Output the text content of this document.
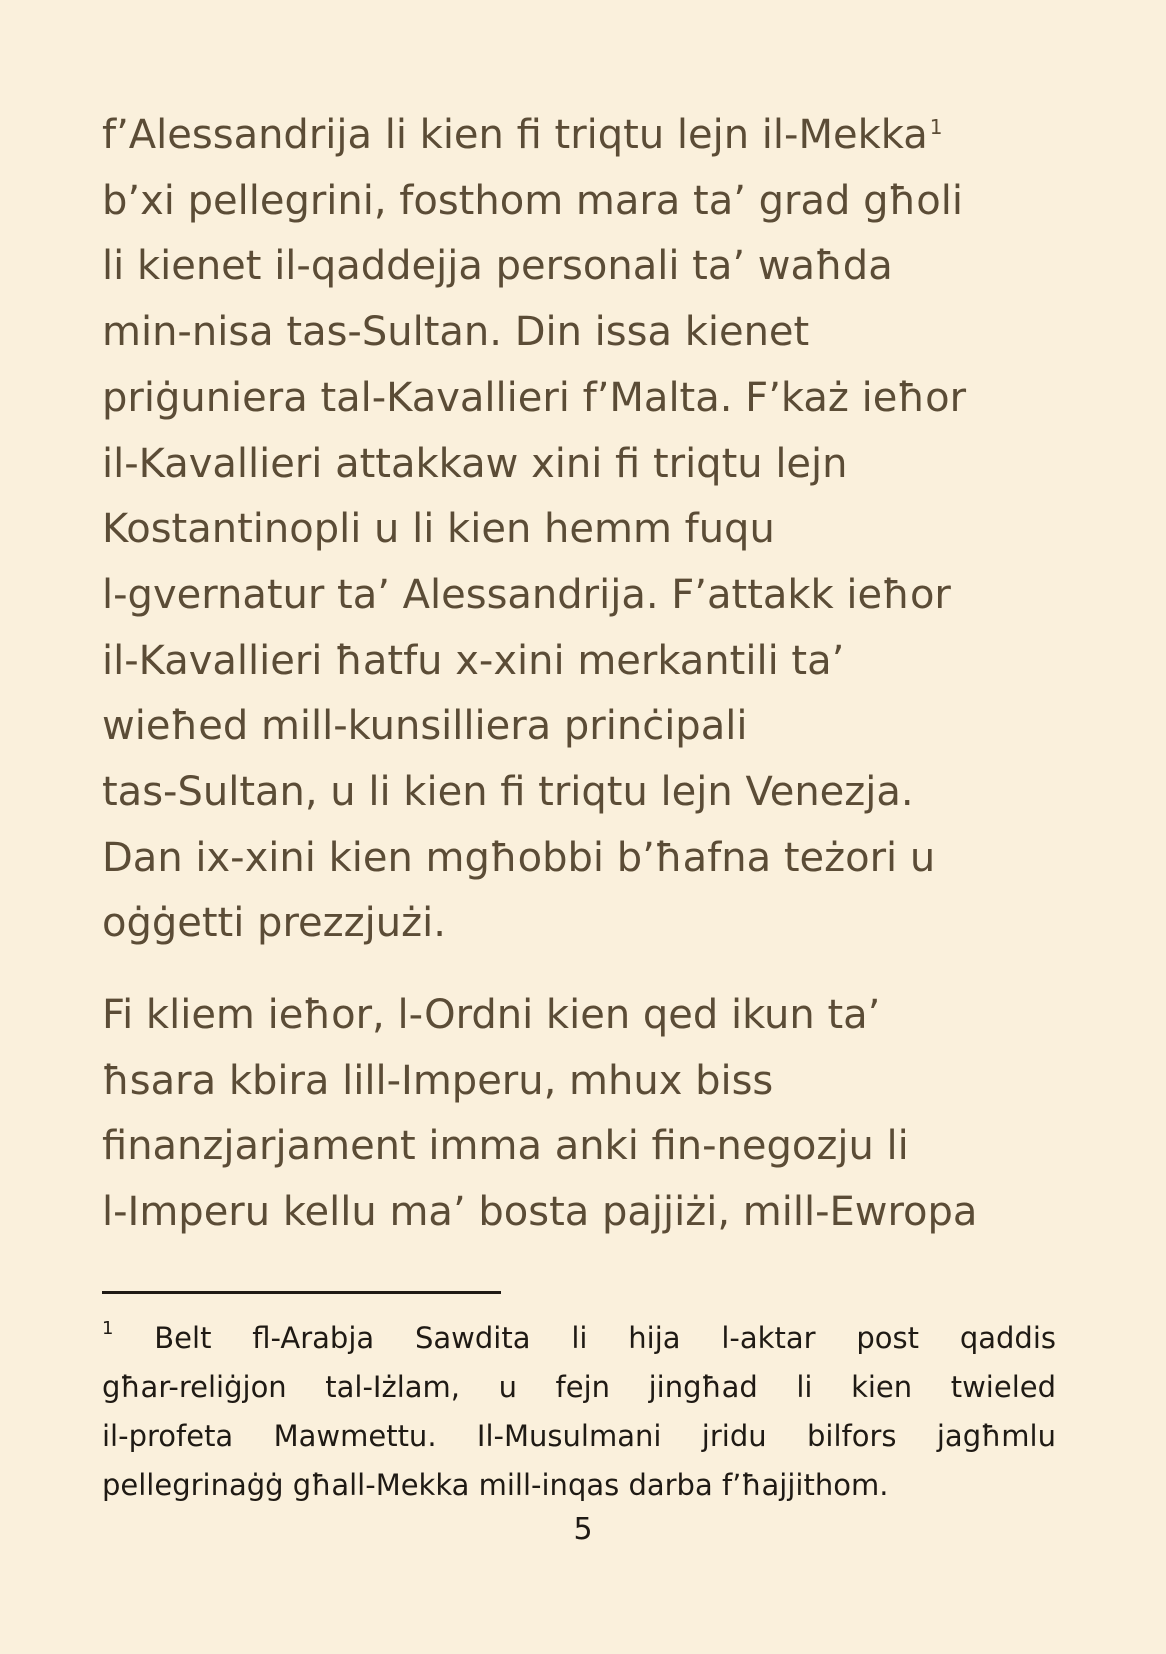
f’Alessandrija li kien fi triqtu lejn il-Mekka $^1$
b’xi pellegrini, fosthom mara ta’ grad għoli
li kienet il-qaddejja personali ta’ waħda
min-nisa tas-Sultan. Din issa kienet
priġuniera tal-Kavallieri f’Malta. F’każ ieħor
il-Kavallieri attakkaw xini fi triqtu lejn
Kostantinopli u li kien hemm fuqu
l-gvernatur ta’ Alessandrija. F’attakk ieħor
il-Kavallieri ħatfu x-xini merkantili ta’
wieħed mill-kunsilliera prinċipali
tas-Sultan, u li kien fi triqtu lejn Venezja.
Dan ix-xini kien mgħobbi b’ħafna teżori u
oġġetti prezzjużi.
Fi kliem ieħor, l-Ordni kien qed ikun ta’
ħsara kbira lill-Imperu, mhux biss
finanzjarjament imma anki fin-negozju li
l-Imperu kellu ma’ bosta pajjiżi, mill-Ewropa
1 Belt fl-Arabja Sawdita li hija l-aktar post qaddis
għar-reliġjon tal-Iżlam, u fejn jingħad li kien twieled
il-profeta Mawmettu. Il-Musulmani jridu bilfors jagħmlu
pellegrinaġġ għall-Mekka mill-inqas darba f’ħajjithom.
5
